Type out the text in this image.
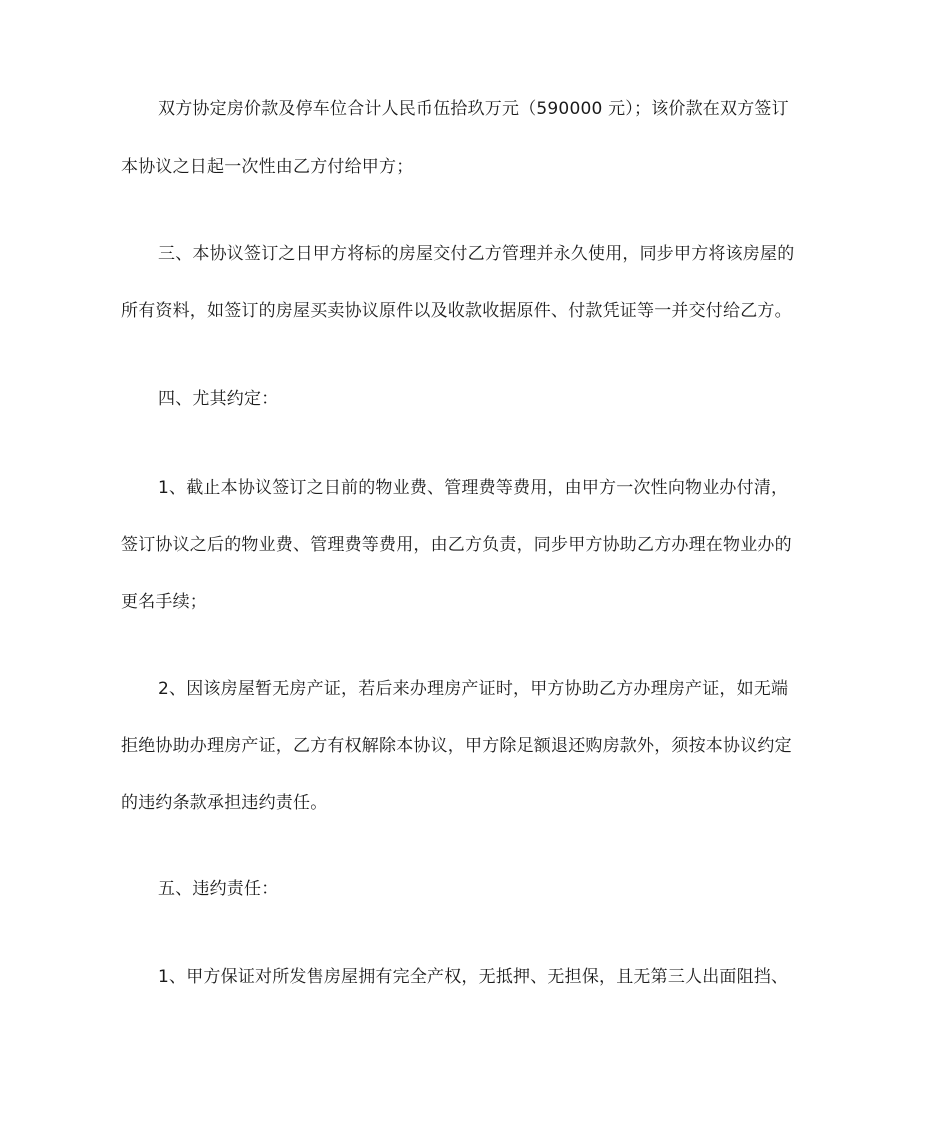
双方协定房价款及停车位合计人民币伍拾玖万元（590000 元）；该价款在双方签订
本协议之日起一次性由乙方付给甲方；
三、本协议签订之日甲方将标的房屋交付乙方管理并永久使用，同步甲方将该房屋的
所有资料，如签订的房屋买卖协议原件以及收款收据原件、付款凭证等一并交付给乙方。
四、尤其约定：
1、截止本协议签订之日前的物业费、管理费等费用，由甲方一次性向物业办付清，
签订协议之后的物业费、管理费等费用，由乙方负责，同步甲方协助乙方办理在物业办的
更名手续；
2、因该房屋暂无房产证，若后来办理房产证时，甲方协助乙方办理房产证，如无端
拒绝协助办理房产证，乙方有权解除本协议，甲方除足额退还购房款外，须按本协议约定
的违约条款承担违约责任。
五、违约责任：
1、甲方保证对所发售房屋拥有完全产权，无抵押、无担保，且无第三人出面阻挡、
